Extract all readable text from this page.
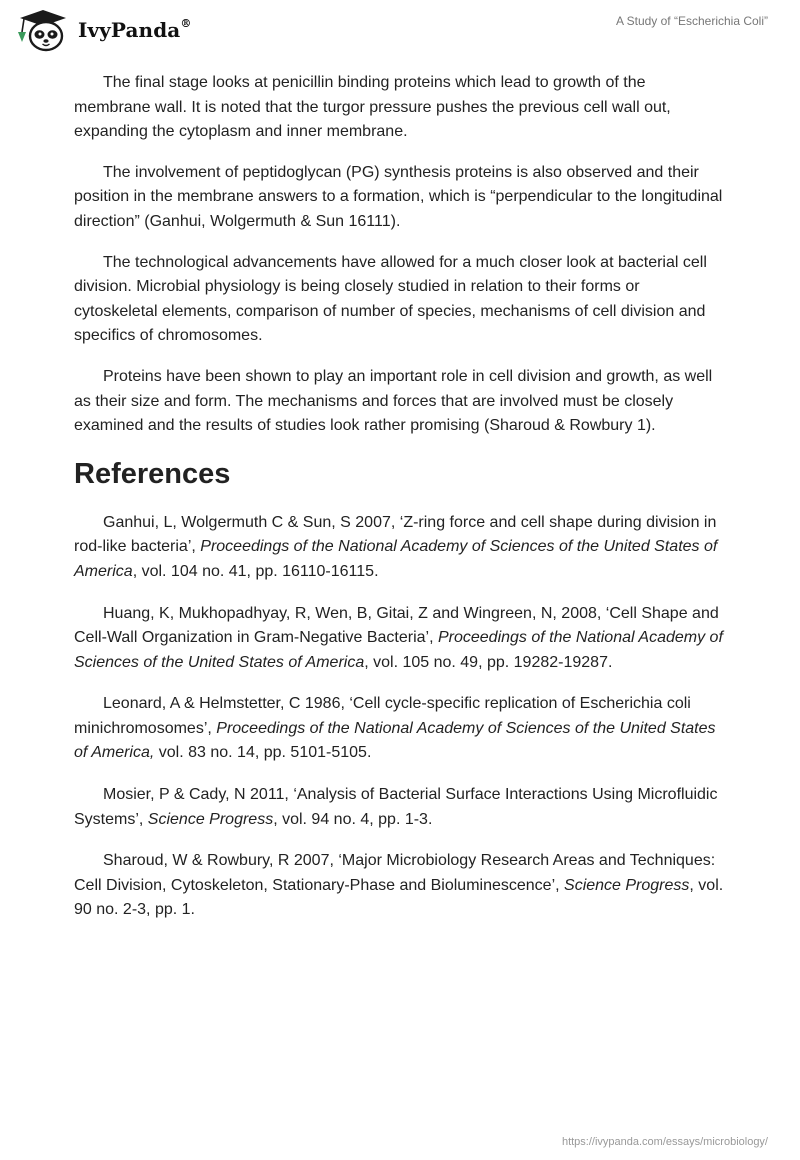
IvyPanda®	A Study of “Escherichia Coli”

The final stage looks at penicillin binding proteins which lead to growth of the membrane wall. It is noted that the turgor pressure pushes the previous cell wall out, expanding the cytoplasm and inner membrane.

The involvement of peptidoglycan (PG) synthesis proteins is also observed and their position in the membrane answers to a formation, which is “perpendicular to the longitudinal direction” (Ganhui, Wolgermuth & Sun 16111).

The technological advancements have allowed for a much closer look at bacterial cell division. Microbial physiology is being closely studied in relation to their forms or cytoskeletal elements, comparison of number of species, mechanisms of cell division and specifics of chromosomes.

Proteins have been shown to play an important role in cell division and growth, as well as their size and form. The mechanisms and forces that are involved must be closely examined and the results of studies look rather promising (Sharoud & Rowbury 1).

References

Ganhui, L, Wolgermuth C & Sun, S 2007, ‘Z-ring force and cell shape during division in rod-like bacteria’, Proceedings of the National Academy of Sciences of the United States of America, vol. 104 no. 41, pp. 16110-16115.

Huang, K, Mukhopadhyay, R, Wen, B, Gitai, Z and Wingreen, N, 2008, ‘Cell Shape and Cell-Wall Organization in Gram-Negative Bacteria’, Proceedings of the National Academy of Sciences of the United States of America, vol. 105 no. 49, pp. 19282-19287.

Leonard, A & Helmstetter, C 1986, ‘Cell cycle-specific replication of Escherichia coli minichromosomes’, Proceedings of the National Academy of Sciences of the United States of America, vol. 83 no. 14, pp. 5101-5105.

Mosier, P & Cady, N 2011, ‘Analysis of Bacterial Surface Interactions Using Microfluidic Systems’, Science Progress, vol. 94 no. 4, pp. 1-3.

Sharoud, W & Rowbury, R 2007, ‘Major Microbiology Research Areas and Techniques: Cell Division, Cytoskeleton, Stationary-Phase and Bioluminescence’, Science Progress, vol. 90 no. 2-3, pp. 1.

https://ivypanda.com/essays/microbiology/
